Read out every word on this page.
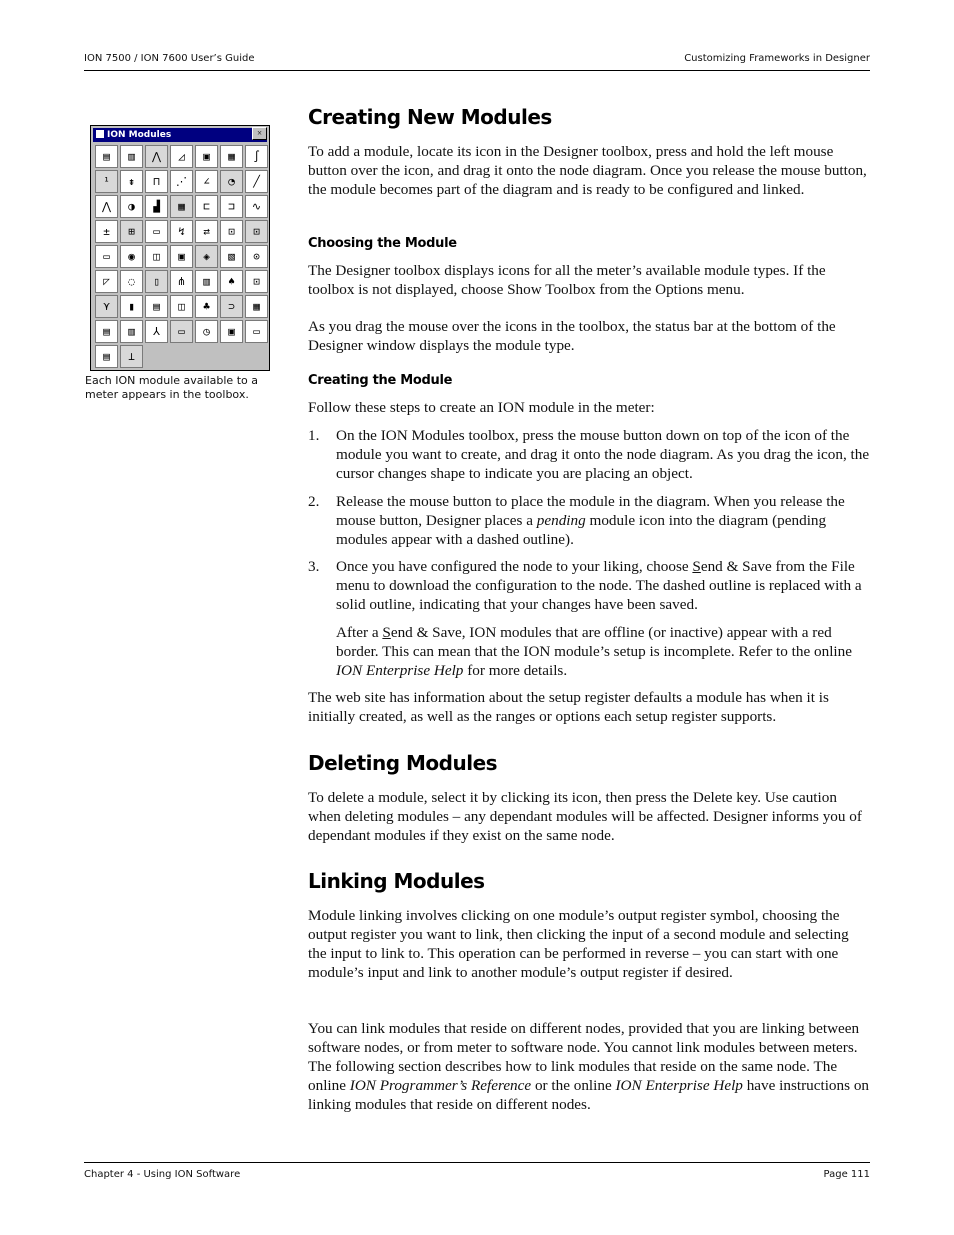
ION 7500 / ION 7600 User’s Guide	Customizing Frameworks in Designer
ION Modules	×
▤	▥	⋀	◿	▣	▦	∫
¹	⇟	⊓	⋰	∠	◔	╱
⋀	◑	▟	▦	⊏	⊐	∿
±	⊞	▭	↯	⇄	⊡	⊡
▭	◉	◫	▣	◈	▧	⊙
◸	◌	▯	⋔	▥	♠	⊡
⋎	▮	▤	◫	♣	⊃	▦
▤	▥	⅄	▭	◷	▣	▭
▤	⊥
Each ION module available to a meter appears in the toolbox.
Creating New Modules

To add a module, locate its icon in the Designer toolbox, press and hold the left mouse button over the icon, and drag it onto the node diagram. Once you release the mouse button, the module becomes part of the diagram and is ready to be configured and linked.

Choosing the Module

The Designer toolbox displays icons for all the meter’s available module types. If the toolbox is not displayed, choose Show Toolbox from the Options menu.

As you drag the mouse over the icons in the toolbox, the status bar at the bottom of the Designer window displays the module type.

Creating the Module

Follow these steps to create an ION module in the meter:

1. On the ION Modules toolbox, press the mouse button down on top of the icon of the module you want to create, and drag it onto the node diagram. As you drag the icon, the cursor changes shape to indicate you are placing an object.
2. Release the mouse button to place the module in the diagram. When you release the mouse button, Designer places a pending module icon into the diagram (pending modules appear with a dashed outline).
3. Once you have configured the node to your liking, choose Send & Save from the File menu to download the configuration to the node. The dashed outline is replaced with a solid outline, indicating that your changes have been saved.
After a Send & Save, ION modules that are offline (or inactive) appear with a red border. This can mean that the ION module’s setup is incomplete. Refer to the online ION Enterprise Help for more details.

The web site has information about the setup register defaults a module has when it is initially created, as well as the ranges or options each setup register supports.

Deleting Modules

To delete a module, select it by clicking its icon, then press the Delete key. Use caution when deleting modules – any dependant modules will be affected. Designer informs you of dependant modules if they exist on the same node.

Linking Modules

Module linking involves clicking on one module’s output register symbol, choosing the output register you want to link, then clicking the input of a second module and selecting the input to link to. This operation can be performed in reverse – you can start with one module’s input and link to another module’s output register if desired.

You can link modules that reside on different nodes, provided that you are linking between software nodes, or from meter to software node. You cannot link modules between meters. The following section describes how to link modules that reside on the same node. The online ION Programmer’s Reference or the online ION Enterprise Help have instructions on linking modules that reside on different nodes.

Chapter 4 - Using ION Software	Page 111
